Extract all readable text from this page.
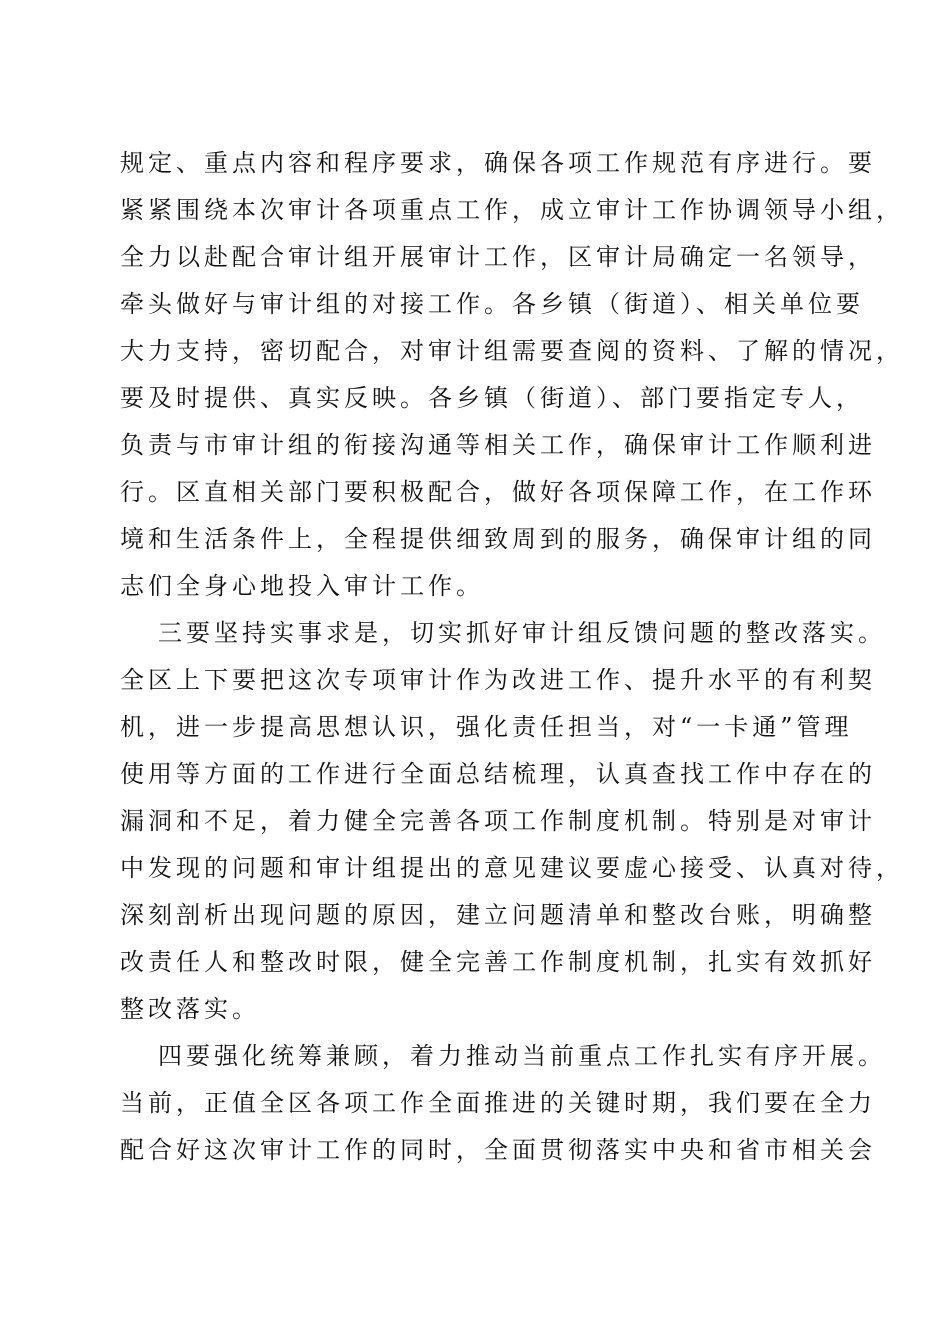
规定、重点内容和程序要求，确保各项工作规范有序进行。要
紧紧围绕本次审计各项重点工作，成立审计工作协调领导小组，
全力以赴配合审计组开展审计工作，区审计局确定一名领导，
牵头做好与审计组的对接工作。各乡镇（街道）、相关单位要
大力支持，密切配合，对审计组需要查阅的资料、了解的情况，
要及时提供、真实反映。各乡镇（街道）、部门要指定专人，
负责与市审计组的衔接沟通等相关工作，确保审计工作顺利进
行。区直相关部门要积极配合，做好各项保障工作，在工作环
境和生活条件上，全程提供细致周到的服务，确保审计组的同
志们全身心地投入审计工作。
三要坚持实事求是，切实抓好审计组反馈问题的整改落实。
全区上下要把这次专项审计作为改进工作、提升水平的有利契
机，进一步提高思想认识，强化责任担当，对“一卡通”管理
使用等方面的工作进行全面总结梳理，认真查找工作中存在的
漏洞和不足，着力健全完善各项工作制度机制。特别是对审计
中发现的问题和审计组提出的意见建议要虚心接受、认真对待，
深刻剖析出现问题的原因，建立问题清单和整改台账，明确整
改责任人和整改时限，健全完善工作制度机制，扎实有效抓好
整改落实。
四要强化统筹兼顾，着力推动当前重点工作扎实有序开展。
当前，正值全区各项工作全面推进的关键时期，我们要在全力
配合好这次审计工作的同时，全面贯彻落实中央和省市相关会
